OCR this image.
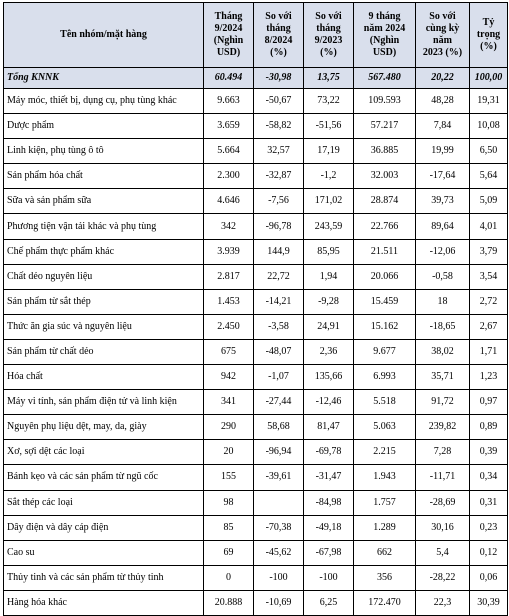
Tên nhóm/mặt hàng	Tháng
9/2024
(Nghìn
USD)	So với
tháng
8/2024
(%)	So với
tháng
9/2023
(%)	9 tháng
năm 2024
(Nghìn
USD)	So với
cùng kỳ
năm
2023 (%)	Tỷ
trọng
(%)
Tổng KNNK	60.494	-30,98	13,75	567.480	20,22	100,00
Máy móc, thiết bị, dụng cụ, phụ tùng khác	9.663	-50,67	73,22	109.593	48,28	19,31
Dược phẩm	3.659	-58,82	-51,56	57.217	7,84	10,08
Linh kiện, phụ tùng ô tô	5.664	32,57	17,19	36.885	19,99	6,50
Sản phẩm hóa chất	2.300	-32,87	-1,2	32.003	-17,64	5,64
Sữa và sản phẩm sữa	4.646	-7,56	171,02	28.874	39,73	5,09
Phương tiện vận tải khác và phụ tùng	342	-96,78	243,59	22.766	89,64	4,01
Chế phẩm thực phẩm khác	3.939	144,9	85,95	21.511	-12,06	3,79
Chất dẻo nguyên liệu	2.817	22,72	1,94	20.066	-0,58	3,54
Sản phẩm từ sắt thép	1.453	-14,21	-9,28	15.459	18	2,72
Thức ăn gia súc và nguyên liệu	2.450	-3,58	24,91	15.162	-18,65	2,67
Sản phẩm từ chất dẻo	675	-48,07	2,36	9.677	38,02	1,71
Hóa chất	942	-1,07	135,66	6.993	35,71	1,23
Máy vi tính, sản phẩm điện tử và linh kiện	341	-27,44	-12,46	5.518	91,72	0,97
Nguyên phụ liệu dệt, may, da, giày	290	58,68	81,47	5.063	239,82	0,89
Xơ, sợi dệt các loại	20	-96,94	-69,78	2.215	7,28	0,39
Bánh kẹo và các sản phẩm từ ngũ cốc	155	-39,61	-31,47	1.943	-11,71	0,34
Sắt thép các loại	98		-84,98	1.757	-28,69	0,31
Dây điện và dây cáp điện	85	-70,38	-49,18	1.289	30,16	0,23
Cao su	69	-45,62	-67,98	662	5,4	0,12
Thủy tinh và các sản phẩm từ thủy tinh	0	-100	-100	356	-28,22	0,06
Hàng hóa khác	20.888	-10,69	6,25	172.470	22,3	30,39
